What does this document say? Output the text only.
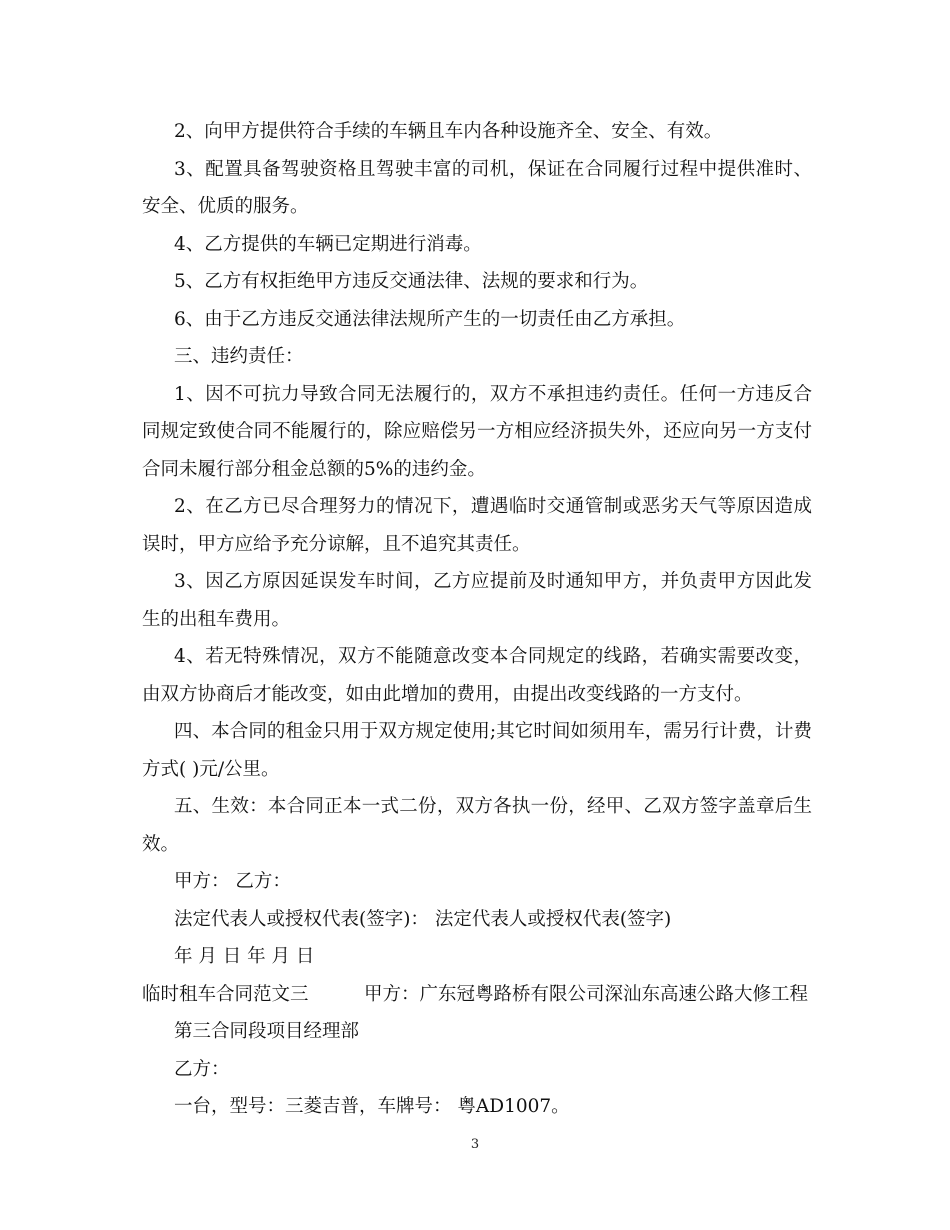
2、向甲方提供符合手续的车辆且车内各种设施齐全、安全、有效。

3、配置具备驾驶资格且驾驶丰富的司机，保证在合同履行过程中提供准时、安全、优质的服务。

4、乙方提供的车辆已定期进行消毒。

5、乙方有权拒绝甲方违反交通法律、法规的要求和行为。

6、由于乙方违反交通法律法规所产生的一切责任由乙方承担。

三、违约责任：

1、因不可抗力导致合同无法履行的，双方不承担违约责任。任何一方违反合同规定致使合同不能履行的，除应赔偿另一方相应经济损失外，还应向另一方支付合同未履行部分租金总额的5%的违约金。

2、在乙方已尽合理努力的情况下，遭遇临时交通管制或恶劣天气等原因造成误时，甲方应给予充分谅解，且不追究其责任。

3、因乙方原因延误发车时间，乙方应提前及时通知甲方，并负责甲方因此发生的出租车费用。

4、若无特殊情况，双方不能随意改变本合同规定的线路，若确实需要改变，由双方协商后才能改变，如由此增加的费用，由提出改变线路的一方支付。

四、本合同的租金只用于双方规定使用;其它时间如须用车，需另行计费，计费方式( )元/公里。

五、生效：本合同正本一式二份，双方各执一份，经甲、乙双方签字盖章后生效。

甲方： 乙方：

法定代表人或授权代表(签字)： 法定代表人或授权代表(签字)

年 月 日 年 月 日

临时租车合同范文三　　　甲方：广东冠粤路桥有限公司深汕东高速公路大修工程

第三合同段项目经理部

乙方：

一台，型号：三菱吉普，车牌号： 粤AD1007。

3
